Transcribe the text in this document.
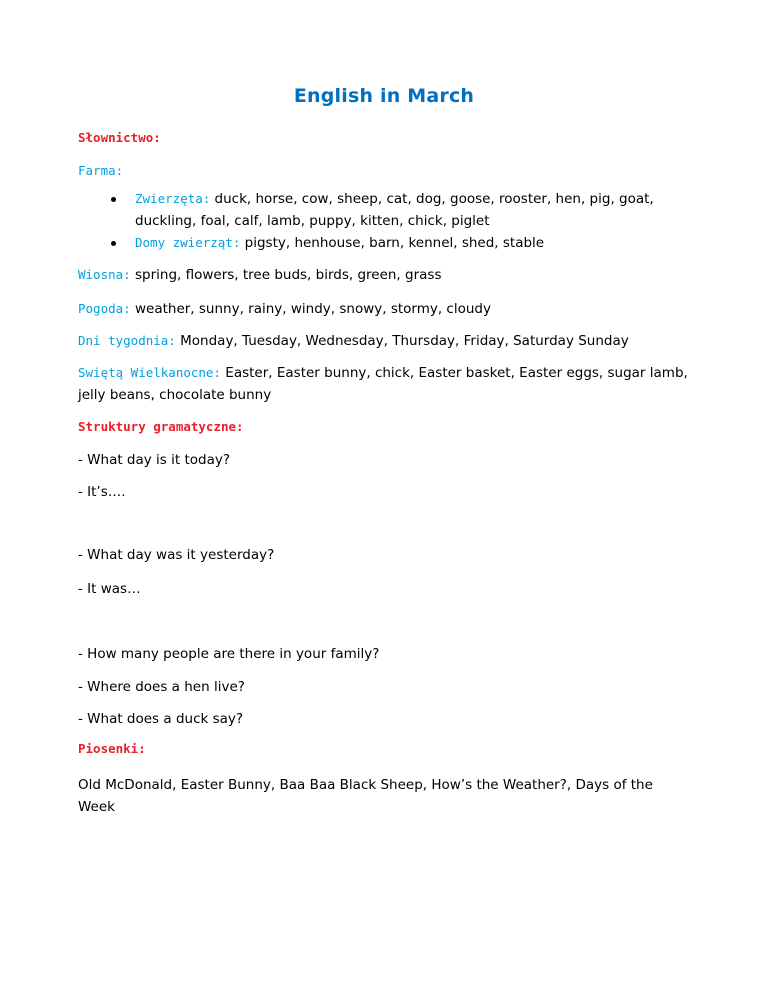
English in March
Słownictwo:
Farma:
Zwierzęta: duck, horse, cow, sheep, cat, dog, goose, rooster, hen, pig, goat, duckling, foal, calf, lamb, puppy, kitten, chick, piglet
Domy zwierząt: pigsty, henhouse, barn, kennel, shed, stable
Wiosna: spring, flowers, tree buds, birds, green, grass
Pogoda: weather, sunny, rainy, windy, snowy, stormy, cloudy
Dni tygodnia: Monday, Tuesday, Wednesday, Thursday, Friday, Saturday Sunday
Swiętą Wielkanocne: Easter, Easter bunny, chick, Easter basket, Easter eggs, sugar lamb, jelly beans, chocolate bunny
Struktury gramatyczne:
- What day is it today?
- It’s….
- What day was it yesterday?
- It was…
- How many people are there in your family?
- Where does a hen live?
- What does a duck say?
Piosenki:
Old McDonald, Easter Bunny, Baa Baa Black Sheep, How’s the Weather?, Days of the Week
